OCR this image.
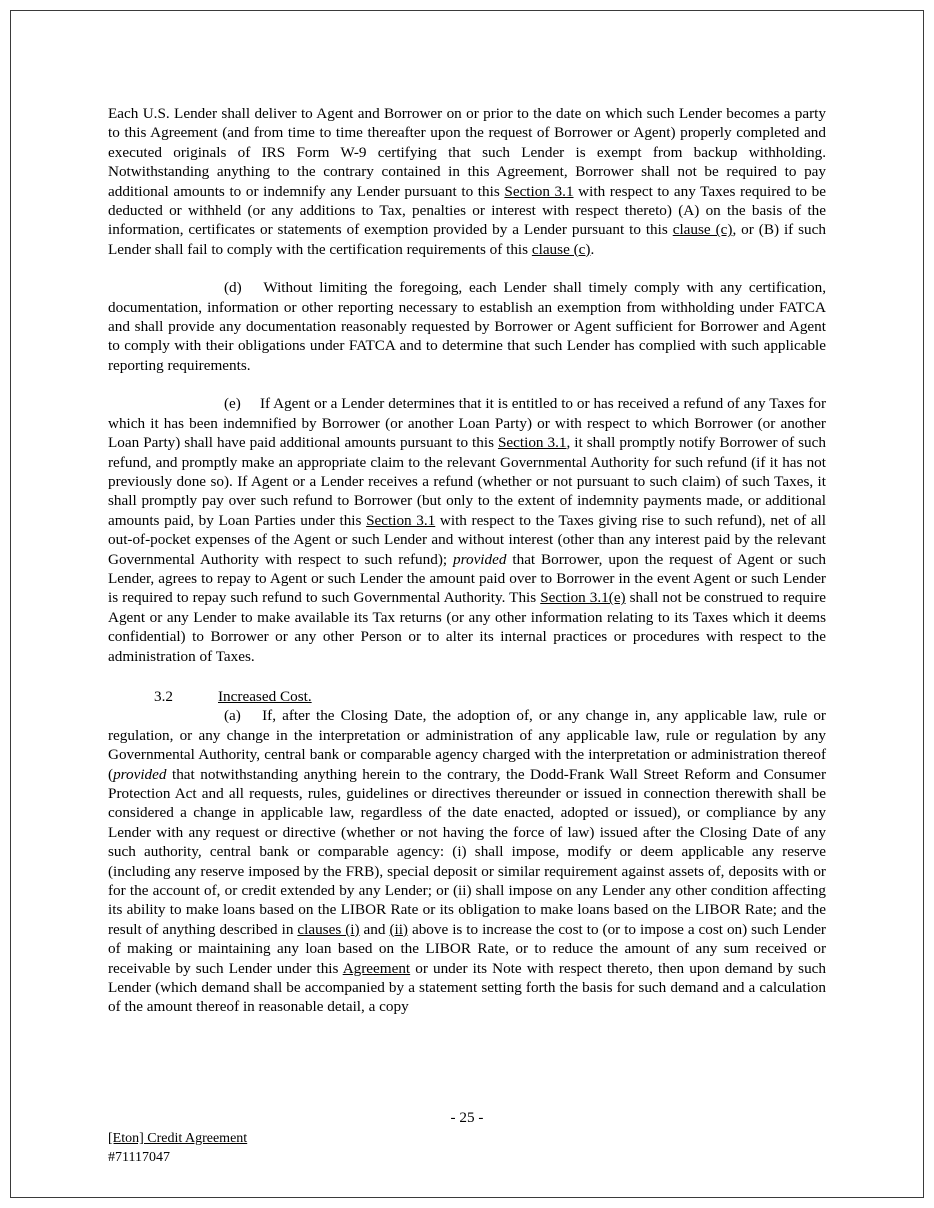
Each U.S. Lender shall deliver to Agent and Borrower on or prior to the date on which such Lender becomes a party to this Agreement (and from time to time thereafter upon the request of Borrower or Agent) properly completed and executed originals of IRS Form W-9 certifying that such Lender is exempt from backup withholding. Notwithstanding anything to the contrary contained in this Agreement, Borrower shall not be required to pay additional amounts to or indemnify any Lender pursuant to this Section 3.1 with respect to any Taxes required to be deducted or withheld (or any additions to Tax, penalties or interest with respect thereto) (A) on the basis of the information, certificates or statements of exemption provided by a Lender pursuant to this clause (c), or (B) if such Lender shall fail to comply with the certification requirements of this clause (c).

(d)  Without limiting the foregoing, each Lender shall timely comply with any certification, documentation, information or other reporting necessary to establish an exemption from withholding under FATCA and shall provide any documentation reasonably requested by Borrower or Agent sufficient for Borrower and Agent to comply with their obligations under FATCA and to determine that such Lender has complied with such applicable reporting requirements.

(e)  If Agent or a Lender determines that it is entitled to or has received a refund of any Taxes for which it has been indemnified by Borrower (or another Loan Party) or with respect to which Borrower (or another Loan Party) shall have paid additional amounts pursuant to this Section 3.1, it shall promptly notify Borrower of such refund, and promptly make an appropriate claim to the relevant Governmental Authority for such refund (if it has not previously done so). If Agent or a Lender receives a refund (whether or not pursuant to such claim) of such Taxes, it shall promptly pay over such refund to Borrower (but only to the extent of indemnity payments made, or additional amounts paid, by Loan Parties under this Section 3.1 with respect to the Taxes giving rise to such refund), net of all out-of-pocket expenses of the Agent or such Lender and without interest (other than any interest paid by the relevant Governmental Authority with respect to such refund); provided that Borrower, upon the request of Agent or such Lender, agrees to repay to Agent or such Lender the amount paid over to Borrower in the event Agent or such Lender is required to repay such refund to such Governmental Authority. This Section 3.1(e) shall not be construed to require Agent or any Lender to make available its Tax returns (or any other information relating to its Taxes which it deems confidential) to Borrower or any other Person or to alter its internal practices or procedures with respect to the administration of Taxes.

3.2	Increased Cost.

(a)  If, after the Closing Date, the adoption of, or any change in, any applicable law, rule or regulation, or any change in the interpretation or administration of any applicable law, rule or regulation by any Governmental Authority, central bank or comparable agency charged with the interpretation or administration thereof (provided that notwithstanding anything herein to the contrary, the Dodd-Frank Wall Street Reform and Consumer Protection Act and all requests, rules, guidelines or directives thereunder or issued in connection therewith shall be considered a change in applicable law, regardless of the date enacted, adopted or issued), or compliance by any Lender with any request or directive (whether or not having the force of law) issued after the Closing Date of any such authority, central bank or comparable agency: (i) shall impose, modify or deem applicable any reserve (including any reserve imposed by the FRB), special deposit or similar requirement against assets of, deposits with or for the account of, or credit extended by any Lender; or (ii) shall impose on any Lender any other condition affecting its ability to make loans based on the LIBOR Rate or its obligation to make loans based on the LIBOR Rate; and the result of anything described in clauses (i) and (ii) above is to increase the cost to (or to impose a cost on) such Lender of making or maintaining any loan based on the LIBOR Rate, or to reduce the amount of any sum received or receivable by such Lender under this Agreement or under its Note with respect thereto, then upon demand by such Lender (which demand shall be accompanied by a statement setting forth the basis for such demand and a calculation of the amount thereof in reasonable detail, a copy

- 25 -
[Eton] Credit Agreement
#71117047
